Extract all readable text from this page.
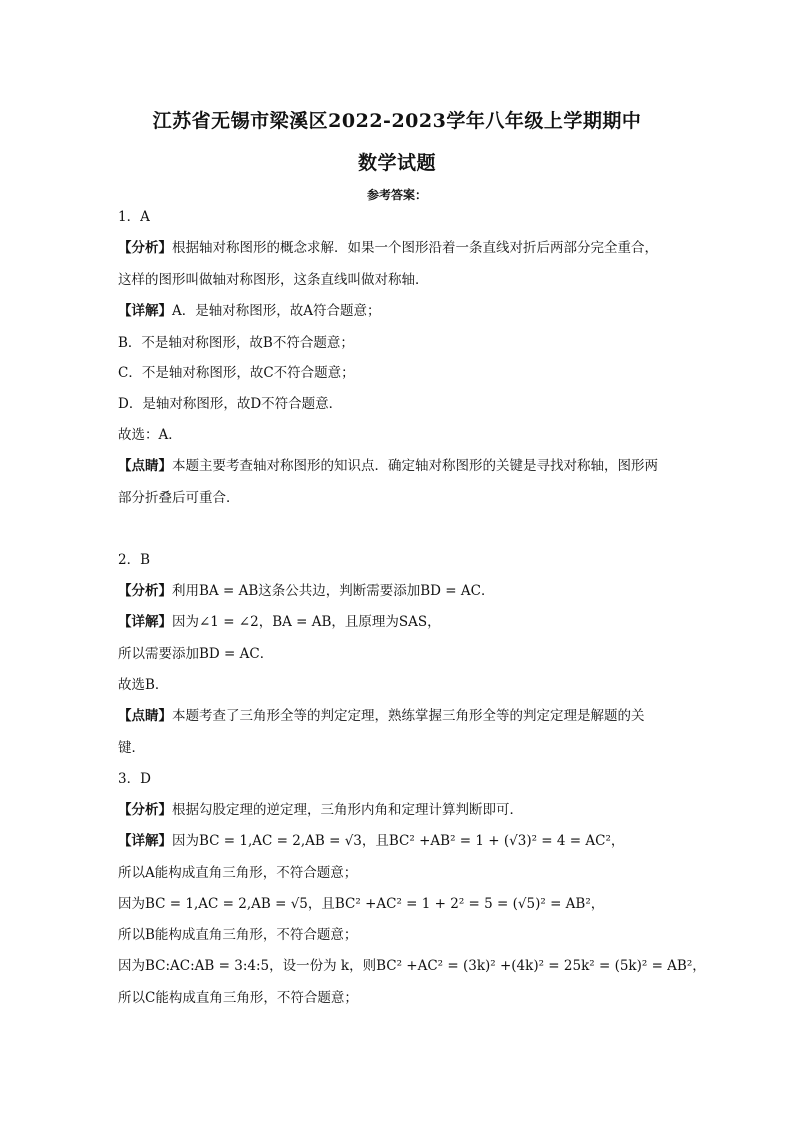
江苏省无锡市梁溪区2022-2023学年八年级上学期期中
数学试题
参考答案：
1．A
【分析】根据轴对称图形的概念求解．如果一个图形沿着一条直线对折后两部分完全重合，
这样的图形叫做轴对称图形，这条直线叫做对称轴．
【详解】A．是轴对称图形，故A符合题意；
B．不是轴对称图形，故B不符合题意；
C．不是轴对称图形，故C不符合题意；
D．是轴对称图形，故D不符合题意．
故选：A．
【点睛】本题主要考查轴对称图形的知识点．确定轴对称图形的关键是寻找对称轴，图形两
部分折叠后可重合．
2．B
【分析】利用BA = AB这条公共边，判断需要添加BD = AC．
【详解】因为∠1 = ∠2，BA = AB，且原理为SAS，
所以需要添加BD = AC．
故选B．
【点睛】本题考查了三角形全等的判定定理，熟练掌握三角形全等的判定定理是解题的关
键．
3．D
【分析】根据勾股定理的逆定理，三角形内角和定理计算判断即可．
【详解】因为BC = 1,AC = 2,AB = √3，且BC² +AB² = 1 + (√3)² = 4 = AC²，
所以A能构成直角三角形，不符合题意；
因为BC = 1,AC = 2,AB = √5，且BC² +AC² = 1 + 2² = 5 = (√5)² = AB²，
所以B能构成直角三角形，不符合题意；
因为BC:AC:AB = 3:4:5，设一份为 k，则BC² +AC² = (3k)² +(4k)² = 25k² = (5k)² = AB²，
所以C能构成直角三角形，不符合题意；
